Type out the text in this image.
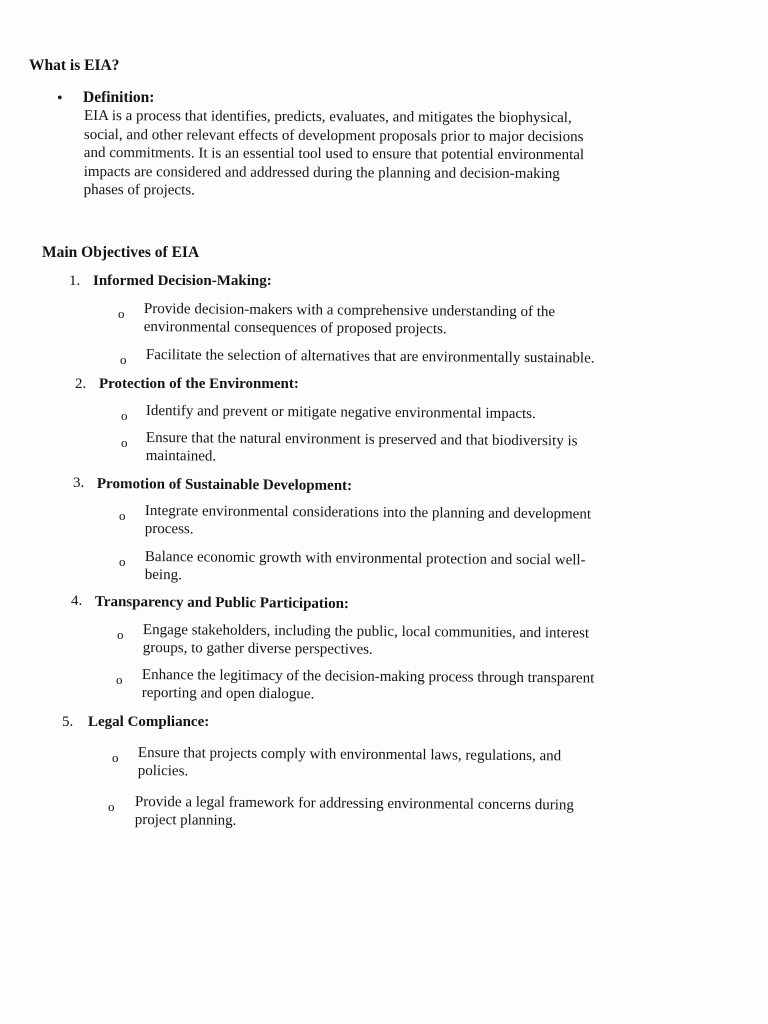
What is EIA?
• Definition:
EIA is a process that identifies, predicts, evaluates, and mitigates the biophysical,
social, and other relevant effects of development proposals prior to major decisions
and commitments. It is an essential tool used to ensure that potential environmental
impacts are considered and addressed during the planning and decision-making
phases of projects.
Main Objectives of EIA
1. Informed Decision-Making:
o Provide decision-makers with a comprehensive understanding of the
environmental consequences of proposed projects.
o Facilitate the selection of alternatives that are environmentally sustainable.
2. Protection of the Environment:
o Identify and prevent or mitigate negative environmental impacts.
o Ensure that the natural environment is preserved and that biodiversity is
maintained.
3. Promotion of Sustainable Development:
o Integrate environmental considerations into the planning and development
process.
o Balance economic growth with environmental protection and social well-
being.
4. Transparency and Public Participation:
o Engage stakeholders, including the public, local communities, and interest
groups, to gather diverse perspectives.
o Enhance the legitimacy of the decision-making process through transparent
reporting and open dialogue.
5. Legal Compliance:
o Ensure that projects comply with environmental laws, regulations, and
policies.
o Provide a legal framework for addressing environmental concerns during
project planning.
